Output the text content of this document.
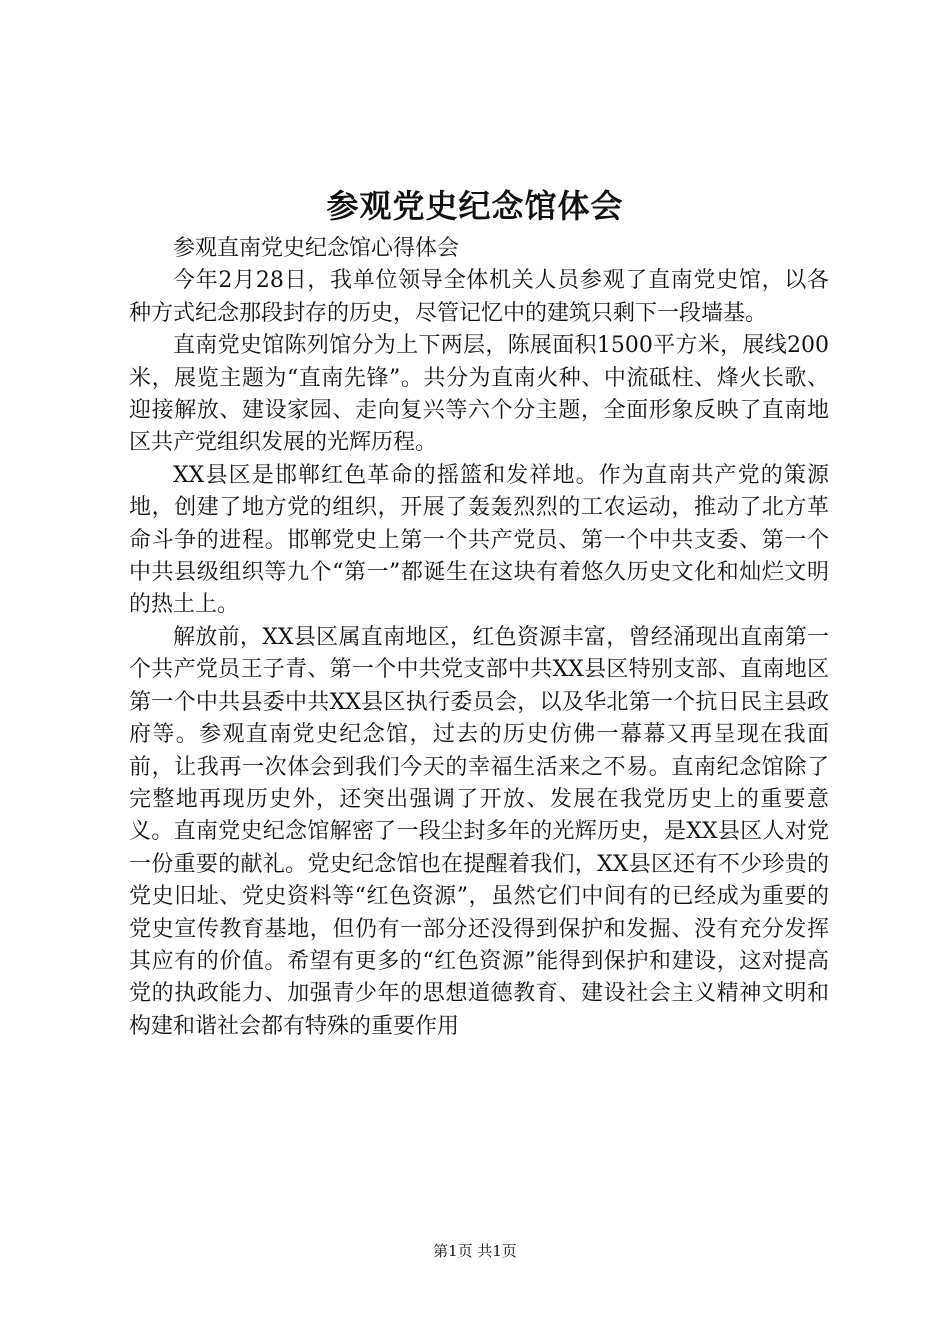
参观党史纪念馆体会

参观直南党史纪念馆心得体会

今年2月28日，我单位领导全体机关人员参观了直南党史馆，以各种方式纪念那段封存的历史，尽管记忆中的建筑只剩下一段墙基。

直南党史馆陈列馆分为上下两层，陈展面积1500平方米，展线200米，展览主题为“直南先锋”。共分为直南火种、中流砥柱、烽火长歌、迎接解放、建设家园、走向复兴等六个分主题，全面形象反映了直南地区共产党组织发展的光辉历程。

XX县区是邯郸红色革命的摇篮和发祥地。作为直南共产党的策源地，创建了地方党的组织，开展了轰轰烈烈的工农运动，推动了北方革命斗争的进程。邯郸党史上第一个共产党员、第一个中共支委、第一个中共县级组织等九个“第一”都诞生在这块有着悠久历史文化和灿烂文明的热土上。

解放前，XX县区属直南地区，红色资源丰富，曾经涌现出直南第一个共产党员王子青、第一个中共党支部中共XX县区特别支部、直南地区第一个中共县委中共XX县区执行委员会，以及华北第一个抗日民主县政府等。参观直南党史纪念馆，过去的历史仿佛一幕幕又再呈现在我面前，让我再一次体会到我们今天的幸福生活来之不易。直南纪念馆除了完整地再现历史外，还突出强调了开放、发展在我党历史上的重要意义。直南党史纪念馆解密了一段尘封多年的光辉历史，是XX县区人对党一份重要的献礼。党史纪念馆也在提醒着我们，XX县区还有不少珍贵的党史旧址、党史资料等“红色资源”，虽然它们中间有的已经成为重要的党史宣传教育基地，但仍有一部分还没得到保护和发掘、没有充分发挥其应有的价值。希望有更多的“红色资源”能得到保护和建设，这对提高党的执政能力、加强青少年的思想道德教育、建设社会主义精神文明和构建和谐社会都有特殊的重要作用

第1页 共1页
